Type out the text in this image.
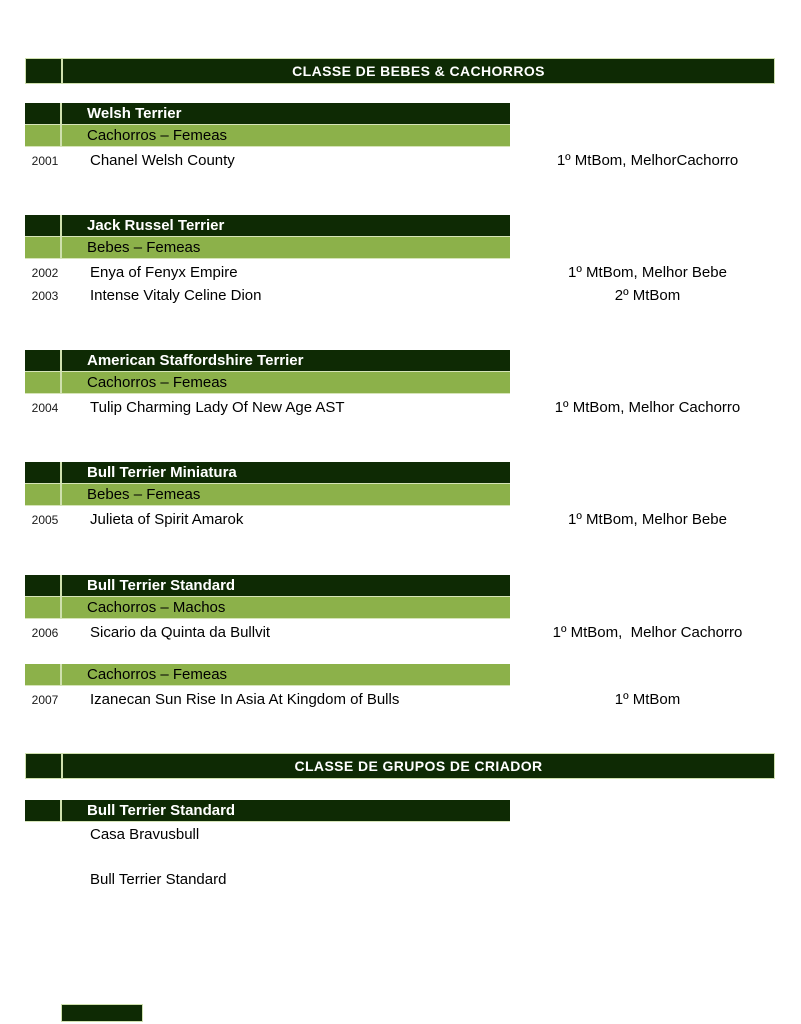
CLASSE DE BEBES & CACHORROS
Welsh Terrier
Cachorros – Femeas
2001	Chanel Welsh County	1º MtBom, MelhorCachorro
Jack Russel Terrier
Bebes – Femeas
2002	Enya of Fenyx Empire	1º MtBom, Melhor Bebe
2003	Intense Vitaly Celine Dion	2º MtBom
American Staffordshire Terrier
Cachorros – Femeas
2004	Tulip Charming Lady Of New Age AST	1º MtBom, Melhor Cachorro
Bull Terrier Miniatura
Bebes – Femeas
2005	Julieta of Spirit Amarok	1º MtBom, Melhor Bebe
Bull Terrier Standard
Cachorros – Machos
2006	Sicario da Quinta da Bullvit	1º MtBom,  Melhor Cachorro
Cachorros – Femeas
2007	Izanecan Sun Rise In Asia At Kingdom of Bulls	1º MtBom
CLASSE DE GRUPOS DE CRIADOR
Bull Terrier Standard
Casa Bravusbull
Bull Terrier Standard
